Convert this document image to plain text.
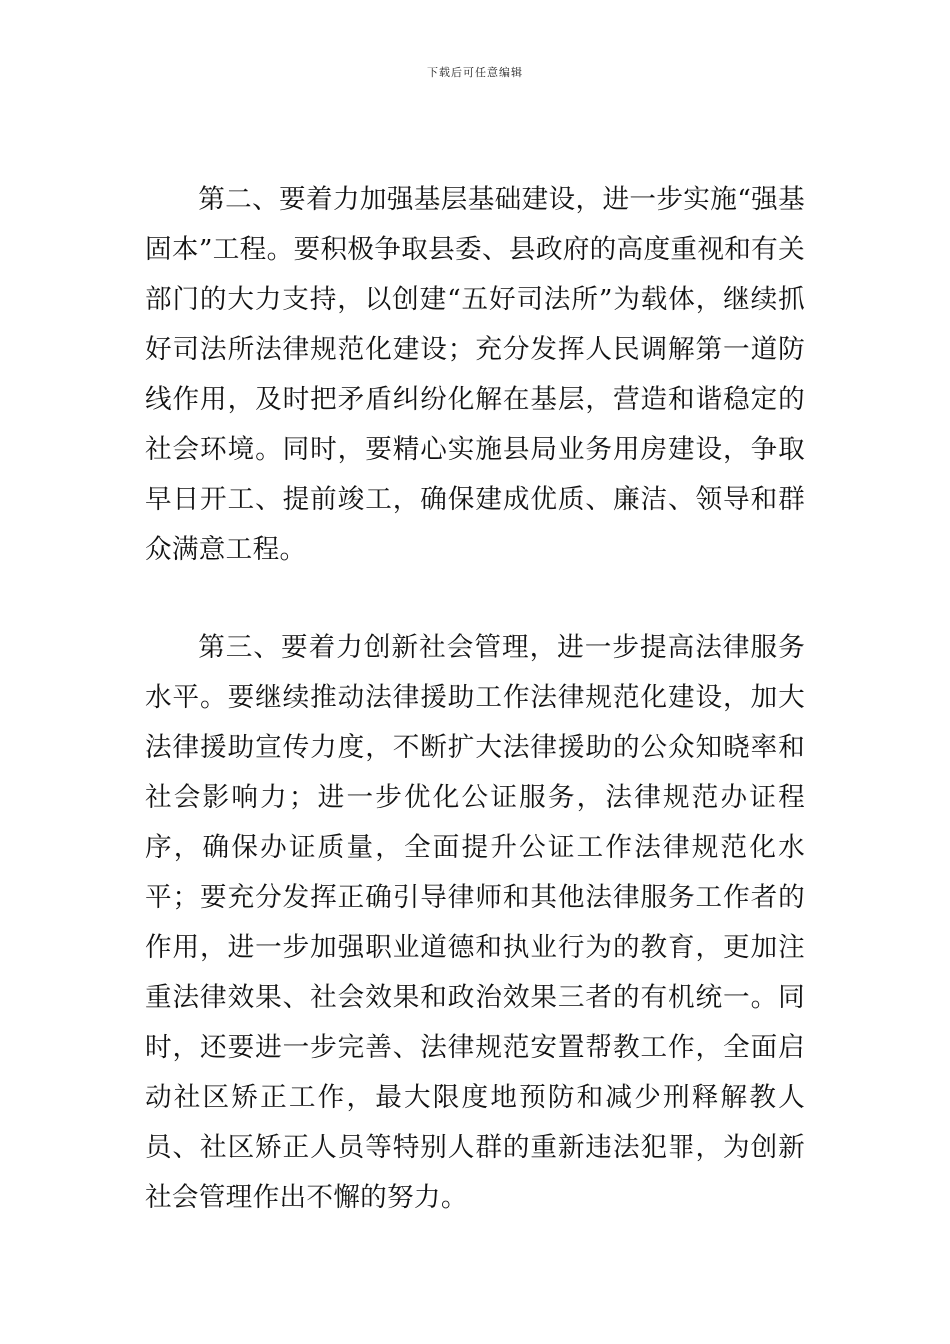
下载后可任意编辑

第二、要着力加强基层基础建设，进一步实施“强基固本”工程。要积极争取县委、县政府的高度重视和有关部门的大力支持，以创建“五好司法所”为载体，继续抓好司法所法律规范化建设；充分发挥人民调解第一道防线作用，及时把矛盾纠纷化解在基层，营造和谐稳定的社会环境。同时，要精心实施县局业务用房建设，争取早日开工、提前竣工，确保建成优质、廉洁、领导和群众满意工程。

第三、要着力创新社会管理，进一步提高法律服务水平。要继续推动法律援助工作法律规范化建设，加大法律援助宣传力度，不断扩大法律援助的公众知晓率和社会影响力；进一步优化公证服务，法律规范办证程序，确保办证质量，全面提升公证工作法律规范化水平；要充分发挥正确引导律师和其他法律服务工作者的作用，进一步加强职业道德和执业行为的教育，更加注重法律效果、社会效果和政治效果三者的有机统一。同时，还要进一步完善、法律规范安置帮教工作，全面启动社区矫正工作，最大限度地预防和减少刑释解教人员、社区矫正人员等特别人群的重新违法犯罪，为创新社会管理作出不懈的努力。
